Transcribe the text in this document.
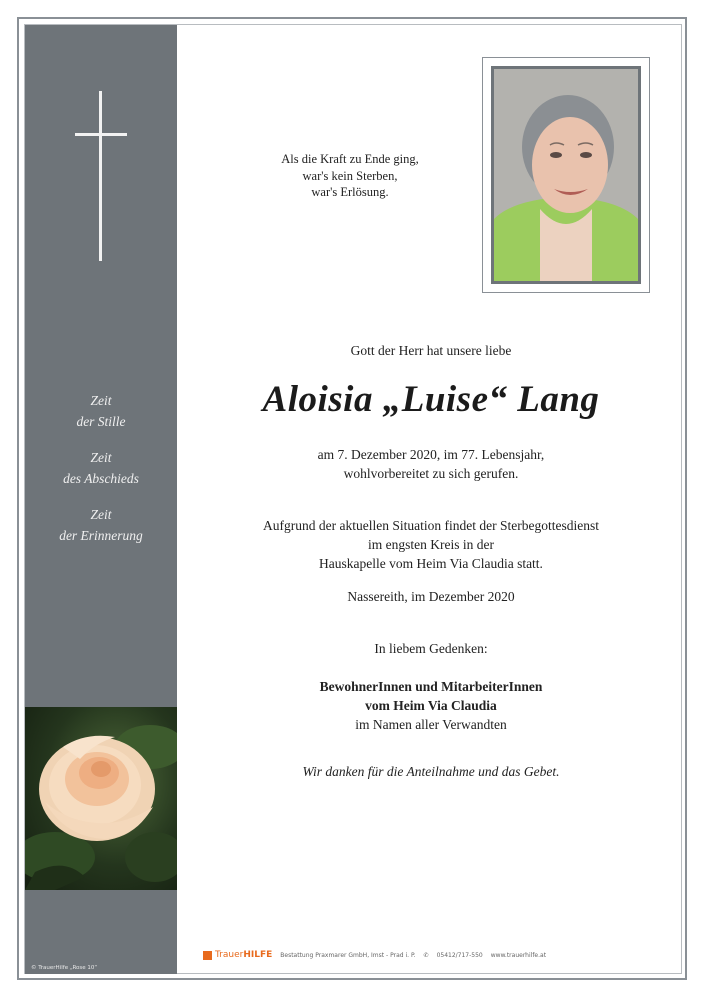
Zeit
der Stille
Zeit
des Abschieds
Zeit
der Erinnerung
© TrauerHilfe „Rose 10“
Als die Kraft zu Ende ging,
war's kein Sterben,
war's Erlösung.
Gott der Herr hat unsere liebe
Aloisia „Luise“ Lang
am 7. Dezember 2020, im 77. Lebensjahr,
wohlvorbereitet zu sich gerufen.
Aufgrund der aktuellen Situation findet der Sterbegottesdienst
im engsten Kreis in der
Hauskapelle vom Heim Via Claudia statt.
Nassereith, im Dezember 2020
In liebem Gedenken:
BewohnerInnen und MitarbeiterInnen
vom Heim Via Claudia
im Namen aller Verwandten
Wir danken für die Anteilnahme und das Gebet.
TrauerHILFE Bestattung Praxmarer GmbH, Imst - Prad i. P. ✆ 05412/717-550 www.trauerhilfe.at
